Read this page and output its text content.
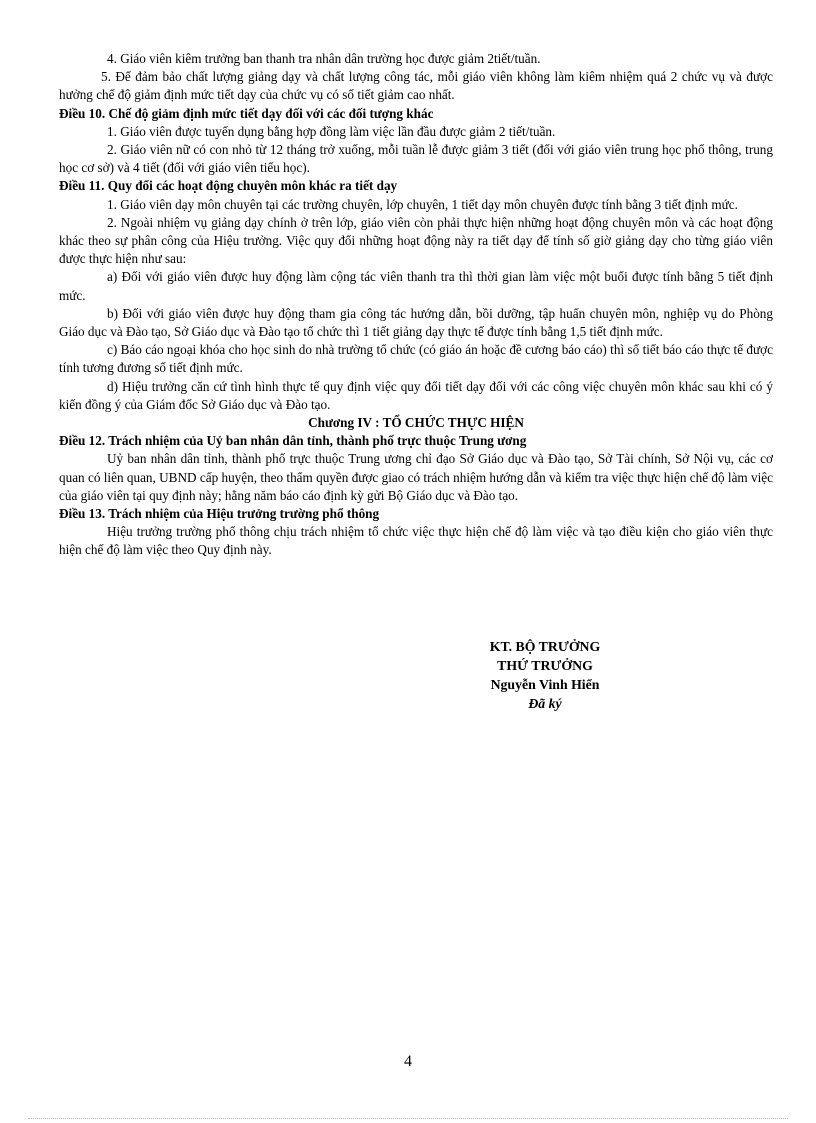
4. Giáo viên kiêm trưởng ban thanh tra nhân dân trường học được giảm 2tiết/tuần.

5. Để đảm bảo chất lượng giảng dạy và chất lượng công tác, mỗi giáo viên không làm kiêm nhiệm quá 2 chức vụ và được hưởng chế độ giảm định mức tiết dạy của chức vụ có số tiết giảm cao nhất.

Điều 10. Chế độ giảm định mức tiết dạy đối với các đối tượng khác

1. Giáo viên được tuyển dụng bằng hợp đồng làm việc lần đầu được giảm 2 tiết/tuần.

2. Giáo viên nữ có con nhỏ từ 12 tháng trở xuống, mỗi tuần lễ được giảm 3 tiết (đối với giáo viên trung học phổ thông, trung học cơ sở) và 4 tiết (đối với giáo viên tiểu học).

Điều 11. Quy đổi các hoạt động chuyên môn khác ra tiết dạy

1. Giáo viên dạy môn chuyên tại các trường chuyên, lớp chuyên, 1 tiết dạy môn chuyên được tính bằng 3 tiết định mức.

2. Ngoài nhiệm vụ giảng dạy chính ở trên lớp, giáo viên còn phải thực hiện những hoạt động chuyên môn và các hoạt động khác theo sự phân công của Hiệu trưởng. Việc quy đổi những hoạt động này ra tiết dạy để tính số giờ giảng dạy cho từng giáo viên được thực hiện như sau:

a) Đối với giáo viên được huy động làm cộng tác viên thanh tra thì thời gian làm việc một buổi được tính bằng 5 tiết định mức.

b) Đối với giáo viên được huy động tham gia công tác hướng dẫn, bồi dưỡng, tập huấn chuyên môn, nghiệp vụ do Phòng Giáo dục và Đào tạo, Sở Giáo dục và Đào tạo tổ chức thì 1 tiết giảng dạy thực tế được tính bằng 1,5 tiết định mức.

c) Báo cáo ngoại khóa cho học sinh do nhà trường tổ chức (có giáo án hoặc đề cương báo cáo) thì số tiết báo cáo thực tế được tính tương đương số tiết định mức.

d) Hiệu trưởng căn cứ tình hình thực tế quy định việc quy đổi tiết dạy đối với các công việc chuyên môn khác sau khi có ý kiến đồng ý của Giám đốc Sở Giáo dục và Đào tạo.

Chương IV : TỔ CHỨC THỰC HIỆN

Điều 12. Trách nhiệm của Uỷ ban nhân dân tỉnh, thành phố trực thuộc Trung ương

Uỷ ban nhân dân tỉnh, thành phố trực thuộc Trung ương chỉ đạo Sở Giáo dục và Đào tạo, Sở Tài chính, Sở Nội vụ, các cơ quan có liên quan, UBND cấp huyện, theo thẩm quyền được giao có trách nhiệm hướng dẫn và kiểm tra việc thực hiện chế độ làm việc của giáo viên tại quy định này; hằng năm báo cáo định kỳ gửi Bộ Giáo dục và Đào tạo.

Điều 13. Trách nhiệm của Hiệu trưởng trường phổ thông

Hiệu trưởng trường phổ thông chịu trách nhiệm tổ chức việc thực hiện chế độ làm việc và tạo điều kiện cho giáo viên thực hiện chế độ làm việc theo Quy định này.

KT. BỘ TRƯỞNG
THỨ TRƯỞNG
Nguyễn Vinh Hiển
Đã ký
4
